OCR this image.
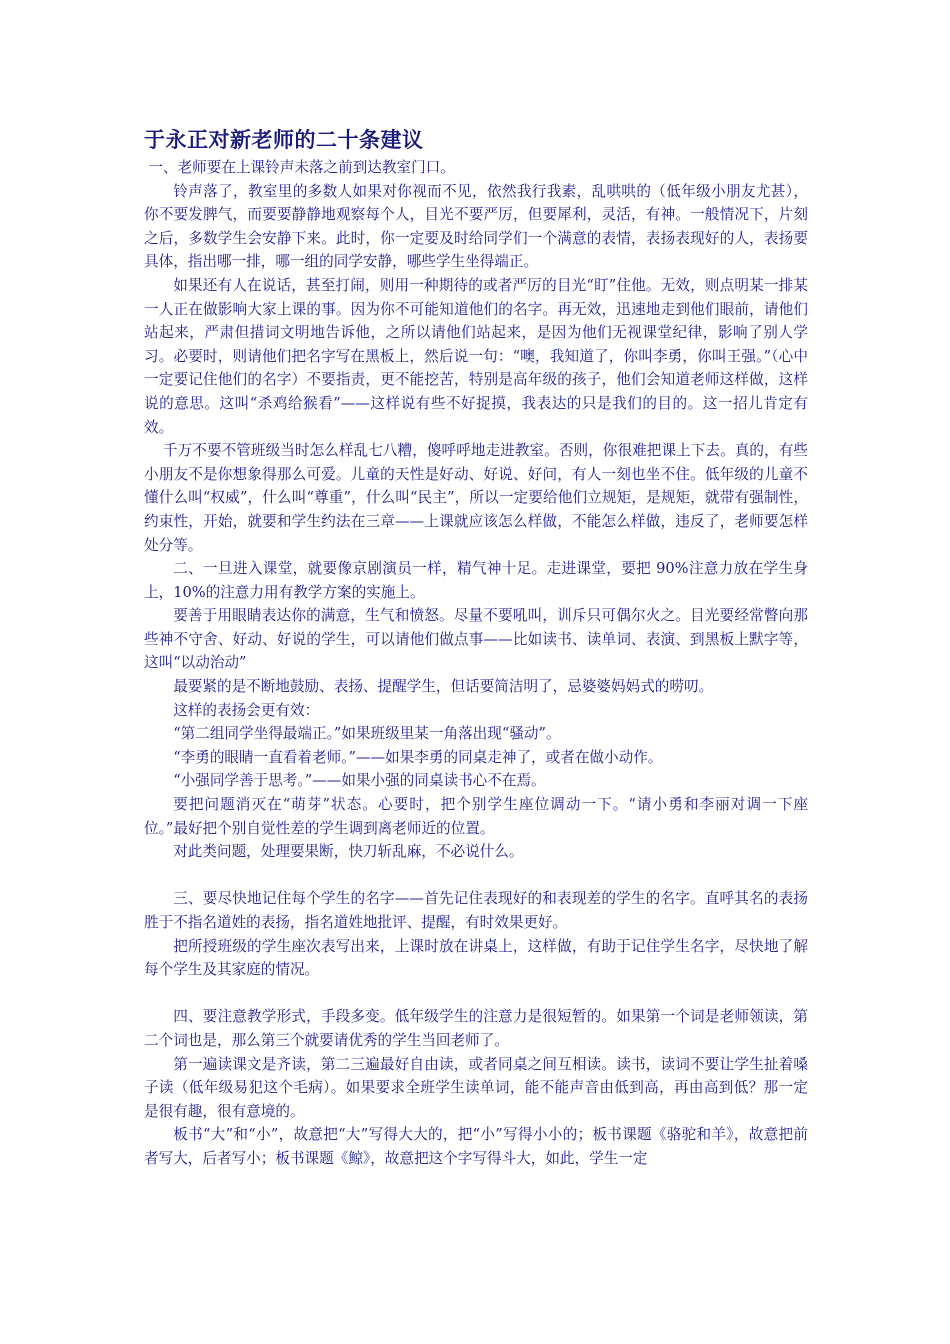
于永正对新老师的二十条建议

一、老师要在上课铃声未落之前到达教室门口。

铃声落了，教室里的多数人如果对你视而不见，依然我行我素，乱哄哄的（低年级小朋友尤甚），你不要发脾气，而要要静静地观察每个人，目光不要严厉，但要犀利，灵活，有神。一般情况下，片刻之后，多数学生会安静下来。此时，你一定要及时给同学们一个满意的表情，表扬表现好的人，表扬要具体，指出哪一排，哪一组的同学安静，哪些学生坐得端正。

如果还有人在说话，甚至打闹，则用一种期待的或者严厉的目光“盯”住他。无效，则点明某一排某一人正在做影响大家上课的事。因为你不可能知道他们的名字。再无效，迅速地走到他们眼前，请他们站起来，严肃但措词文明地告诉他，之所以请他们站起来，是因为他们无视课堂纪律，影响了别人学习。必要时，则请他们把名字写在黑板上，然后说一句：“噢，我知道了，你叫李勇，你叫王强。”（心中一定要记住他们的名字）不要指责，更不能挖苦，特别是高年级的孩子，他们会知道老师这样做，这样说的意思。这叫“杀鸡给猴看”——这样说有些不好捉摸，我表达的只是我们的目的。这一招儿肯定有效。

千万不要不管班级当时怎么样乱七八糟，傻呼呼地走进教室。否则，你很难把课上下去。真的，有些小朋友不是你想象得那么可爱。儿童的天性是好动、好说、好问，有人一刻也坐不住。低年级的儿童不懂什么叫“权威”，什么叫“尊重”，什么叫“民主”，所以一定要给他们立规矩，是规矩，就带有强制性，约束性，开始，就要和学生约法在三章——上课就应该怎么样做，不能怎么样做，违反了，老师要怎样处分等。

二、一旦进入课堂，就要像京剧演员一样，精气神十足。走进课堂，要把 90%注意力放在学生身上，10%的注意力用有教学方案的实施上。

要善于用眼睛表达你的满意，生气和愤怒。尽量不要吼叫，训斥只可偶尔火之。目光要经常瞥向那些神不守舍、好动、好说的学生，可以请他们做点事——比如读书、读单词、表演、到黑板上默字等，这叫“以动治动”

最要紧的是不断地鼓励、表扬、提醒学生，但话要简洁明了，忌婆婆妈妈式的唠叨。

这样的表扬会更有效：

“第二组同学坐得最端正。”如果班级里某一角落出现“骚动”。

“李勇的眼睛一直看着老师。”——如果李勇的同桌走神了，或者在做小动作。

“小强同学善于思考。”——如果小强的同桌读书心不在焉。

要把问题消灭在“萌芽”状态。心要时，把个别学生座位调动一下。“请小勇和李丽对调一下座位。”最好把个别自觉性差的学生调到离老师近的位置。

对此类问题，处理要果断，快刀斩乱麻，不必说什么。

三、要尽快地记住每个学生的名字——首先记住表现好的和表现差的学生的名字。直呼其名的表扬胜于不指名道姓的表扬，指名道姓地批评、提醒，有时效果更好。

把所授班级的学生座次表写出来，上课时放在讲桌上，这样做，有助于记住学生名字，尽快地了解每个学生及其家庭的情况。

四、要注意教学形式，手段多变。低年级学生的注意力是很短暂的。如果第一个词是老师领读，第二个词也是，那么第三个就要请优秀的学生当回老师了。

第一遍读课文是齐读，第二三遍最好自由读，或者同桌之间互相读。读书，读词不要让学生扯着嗓子读（低年级易犯这个毛病）。如果要求全班学生读单词，能不能声音由低到高，再由高到低？那一定是很有趣，很有意境的。

板书“大”和“小”，故意把“大”写得大大的，把“小”写得小小的；板书课题《骆驼和羊》，故意把前者写大，后者写小；板书课题《鲸》，故意把这个字写得斗大，如此，学生一定
